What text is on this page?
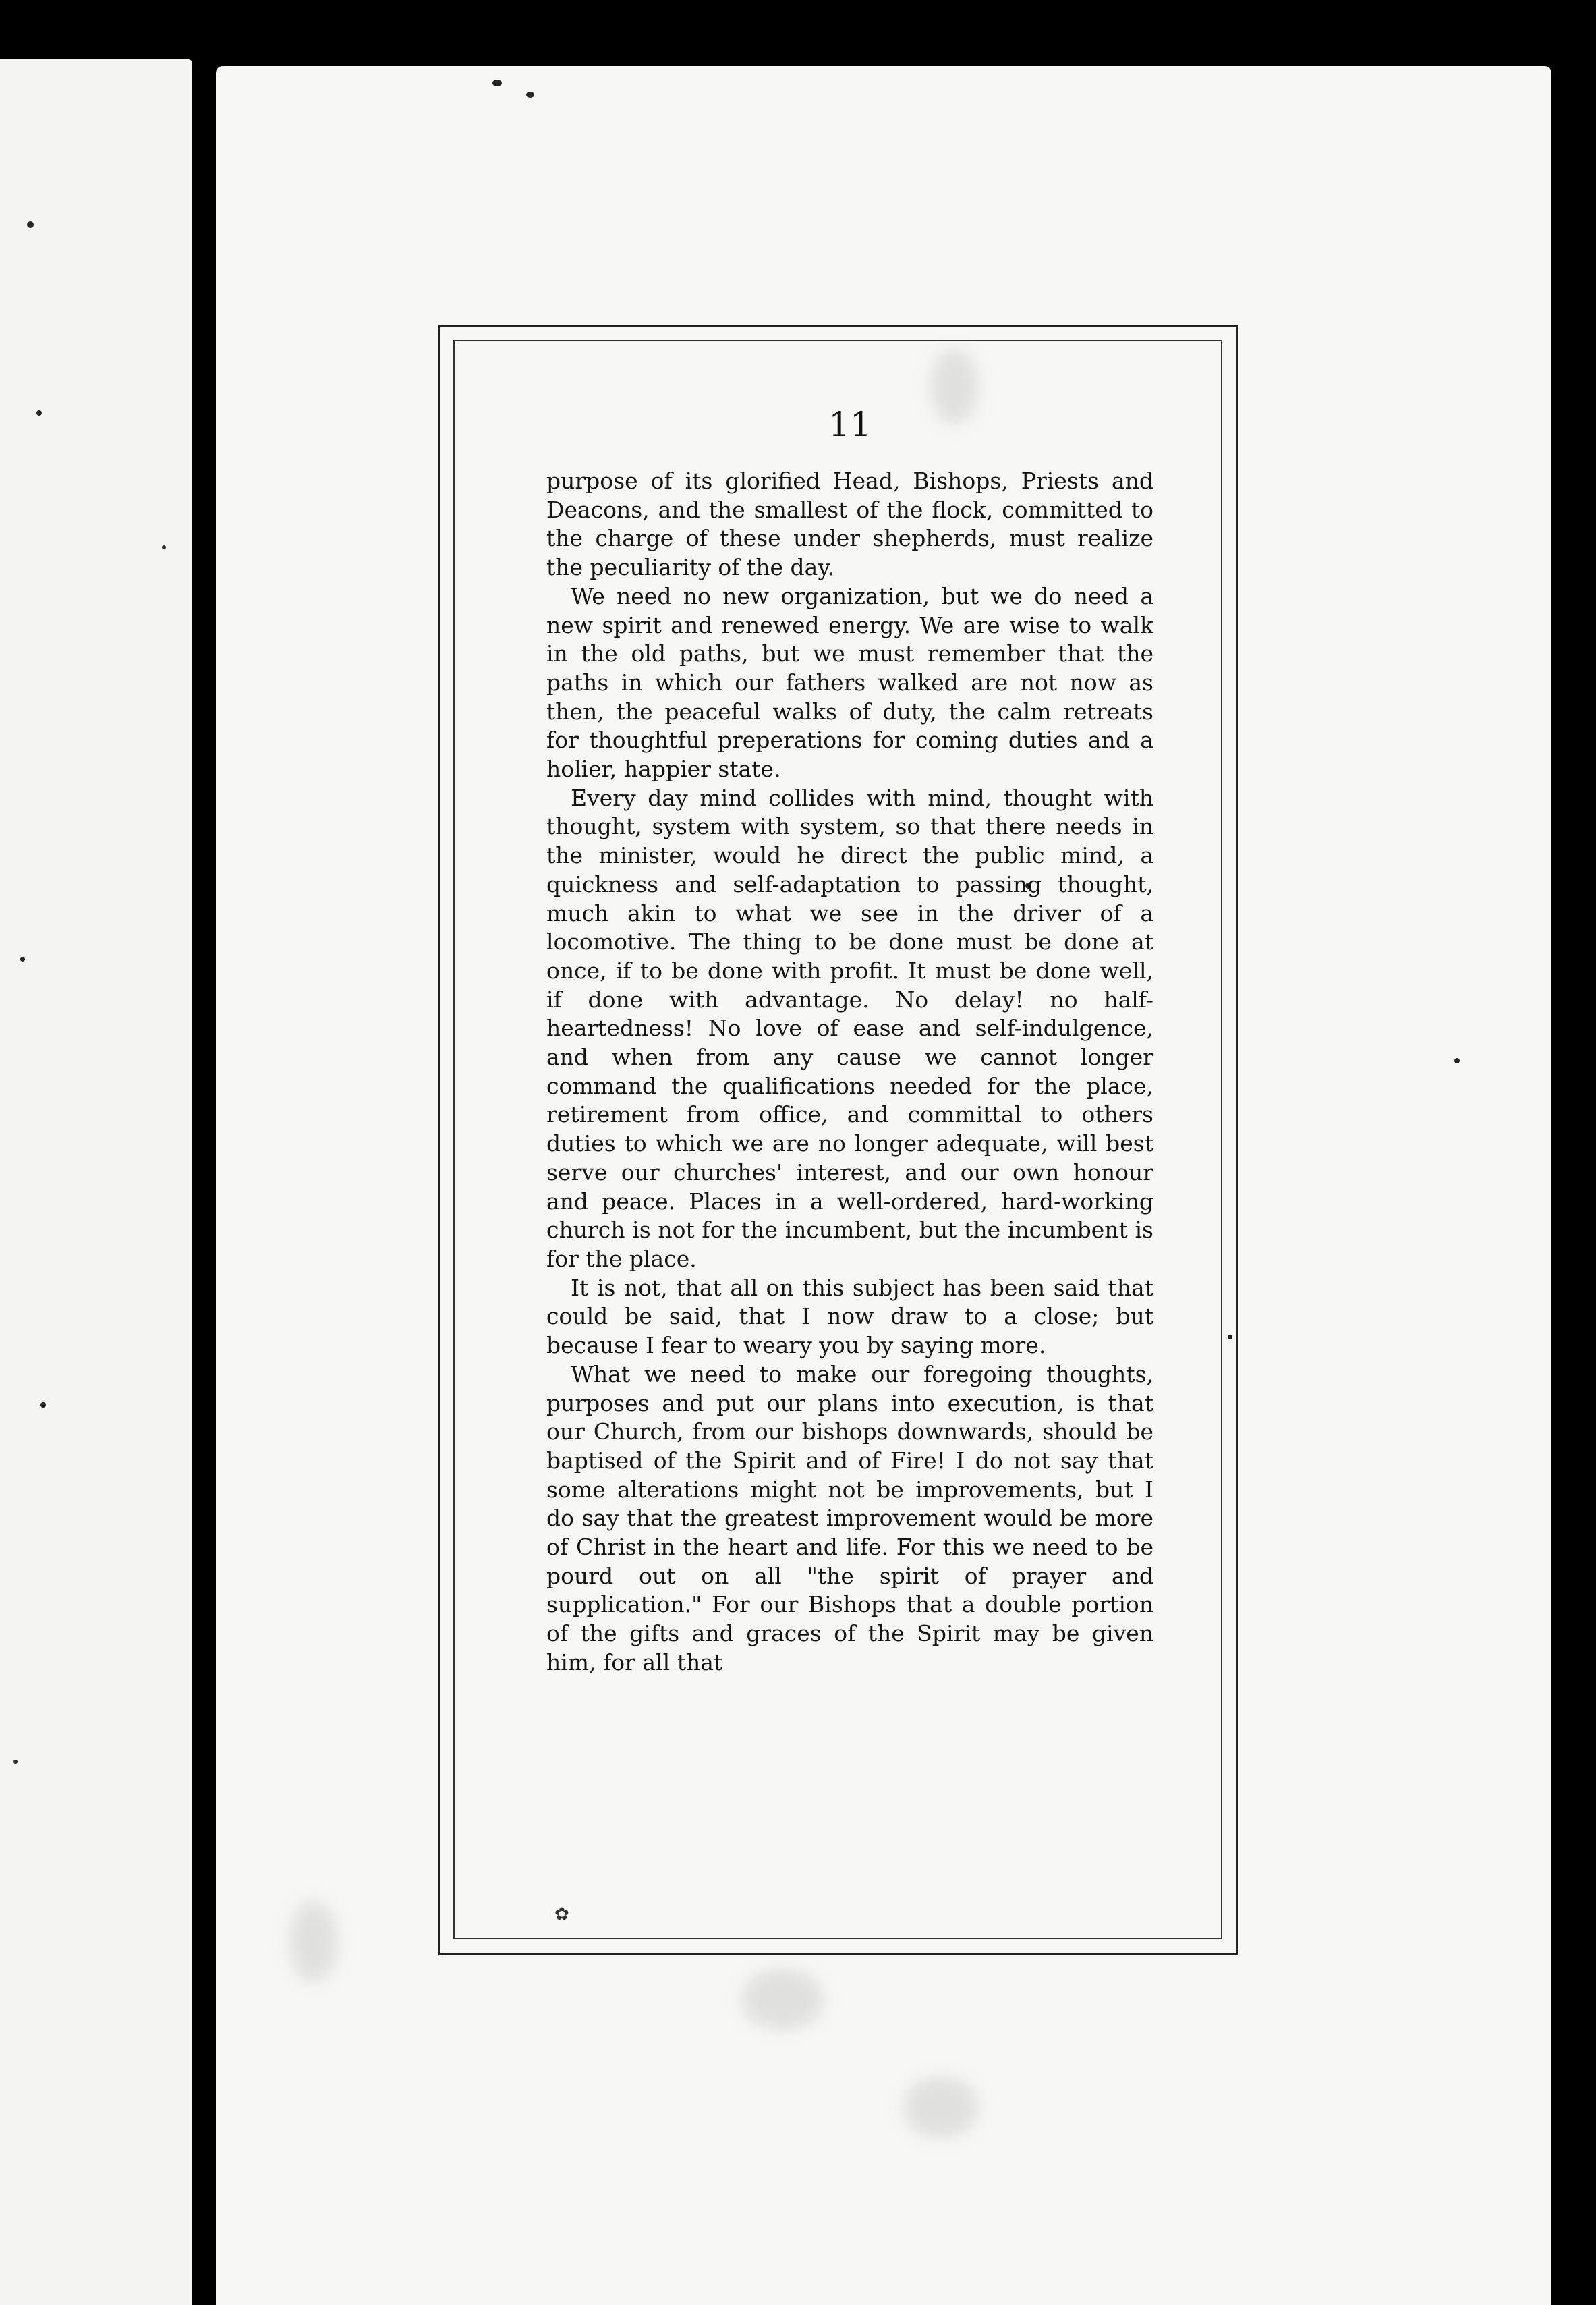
11

purpose of its glorified Head, Bishops, Priests and Deacons, and the smallest of the flock, committed to the charge of these under shepherds, must realize the peculiarity of the day.

We need no new organization, but we do need a new spirit and renewed energy. We are wise to walk in the old paths, but we must remember that the paths in which our fathers walked are not now as then, the peaceful walks of duty, the calm retreats for thoughtful preperations for coming duties and a holier, happier state.

Every day mind collides with mind, thought with thought, system with system, so that there needs in the minister, would he direct the public mind, a quickness and self-adaptation to passing thought, much akin to what we see in the driver of a locomotive. The thing to be done must be done at once, if to be done with profit. It must be done well, if done with advantage. No delay! no half-heartedness! No love of ease and self-indulgence, and when from any cause we cannot longer command the qualifications needed for the place, retirement from office, and committal to others duties to which we are no longer adequate, will best serve our churches' interest, and our own honour and peace. Places in a well-ordered, hard-working church is not for the incumbent, but the incumbent is for the place.

It is not, that all on this subject has been said that could be said, that I now draw to a close; but because I fear to weary you by saying more.

What we need to make our foregoing thoughts, purposes and put our plans into execution, is that our Church, from our bishops downwards, should be baptised of the Spirit and of Fire! I do not say that some alterations might not be improvements, but I do say that the greatest improvement would be more of Christ in the heart and life. For this we need to be pourd out on all "the spirit of prayer and supplication." For our Bishops that a double portion of the gifts and graces of the Spirit may be given him, for all that

✿
